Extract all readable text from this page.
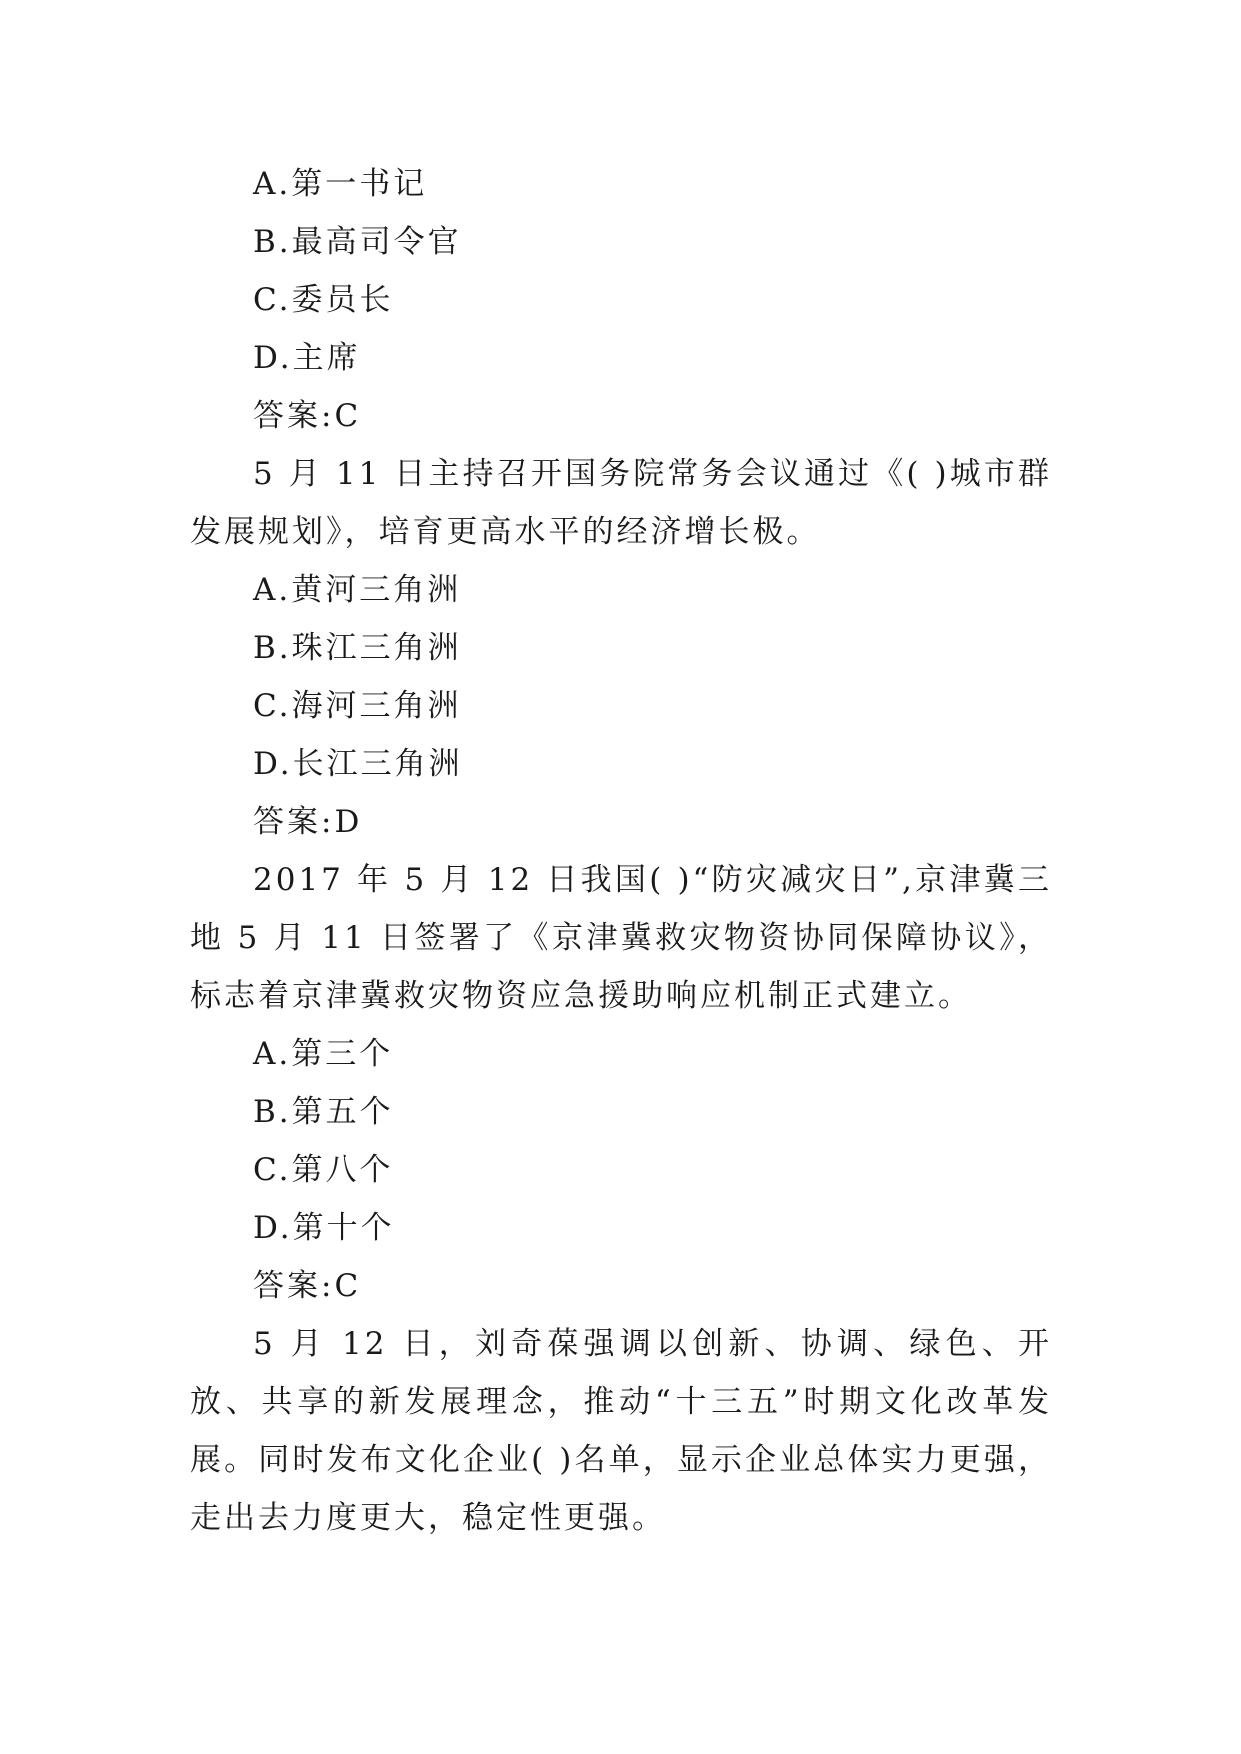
A.第一书记
B.最高司令官
C.委员长
D.主席
答案:C
5 月 11 日主持召开国务院常务会议通过《( )城市群发展规划》，培育更高水平的经济增长极。
A.黄河三角洲
B.珠江三角洲
C.海河三角洲
D.长江三角洲
答案:D
2017 年 5 月 12 日我国( )“防灾减灾日”,京津冀三地 5 月 11 日签署了《京津冀救灾物资协同保障协议》，标志着京津冀救灾物资应急援助响应机制正式建立。
A.第三个
B.第五个
C.第八个
D.第十个
答案:C
5 月 12 日，刘奇葆强调以创新、协调、绿色、开放、共享的新发展理念，推动“十三五”时期文化改革发展。同时发布文化企业( )名单，显示企业总体实力更强，走出去力度更大，稳定性更强。
